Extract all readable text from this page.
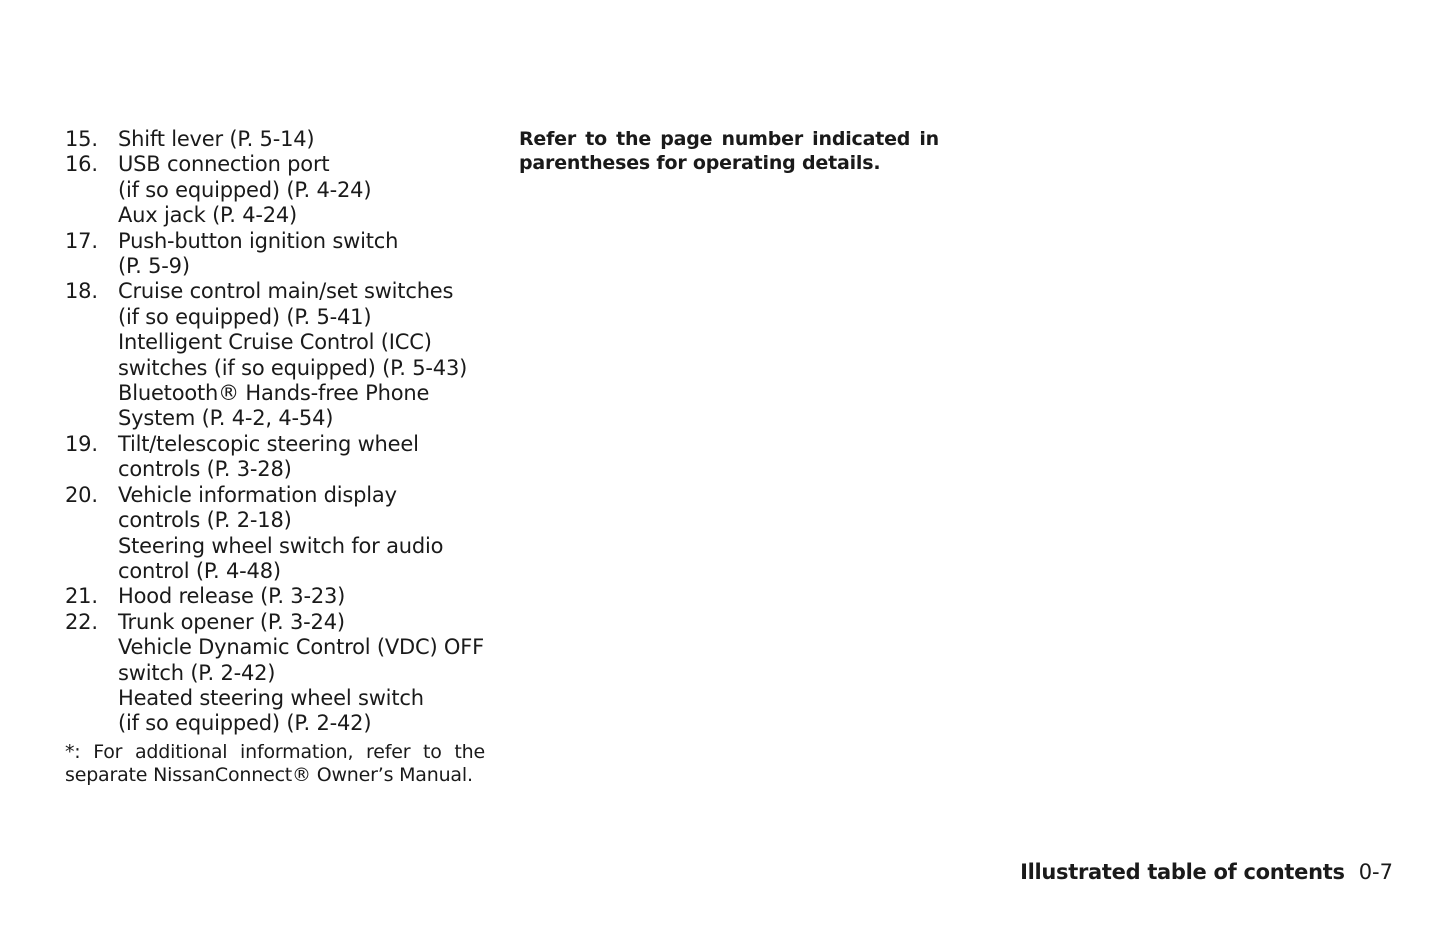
15. Shift lever (P. 5-14)
16. USB connection port
(if so equipped) (P. 4-24)
Aux jack (P. 4-24)
17. Push-button ignition switch
(P. 5-9)
18. Cruise control main/set switches
(if so equipped) (P. 5-41)
Intelligent Cruise Control (ICC)
switches (if so equipped) (P. 5-43)
Bluetooth® Hands-free Phone
System (P. 4-2, 4-54)
19. Tilt/telescopic steering wheel
controls (P. 3-28)
20. Vehicle information display
controls (P. 2-18)
Steering wheel switch for audio
control (P. 4-48)
21. Hood release (P. 3-23)
22. Trunk opener (P. 3-24)
Vehicle Dynamic Control (VDC) OFF
switch (P. 2-42)
Heated steering wheel switch
(if so equipped) (P. 2-42)
*: For additional information, refer to the separate NissanConnect® Owner’s Manual.
Refer to the page number indicated in parentheses for operating details.
Illustrated table of contents 0-7
